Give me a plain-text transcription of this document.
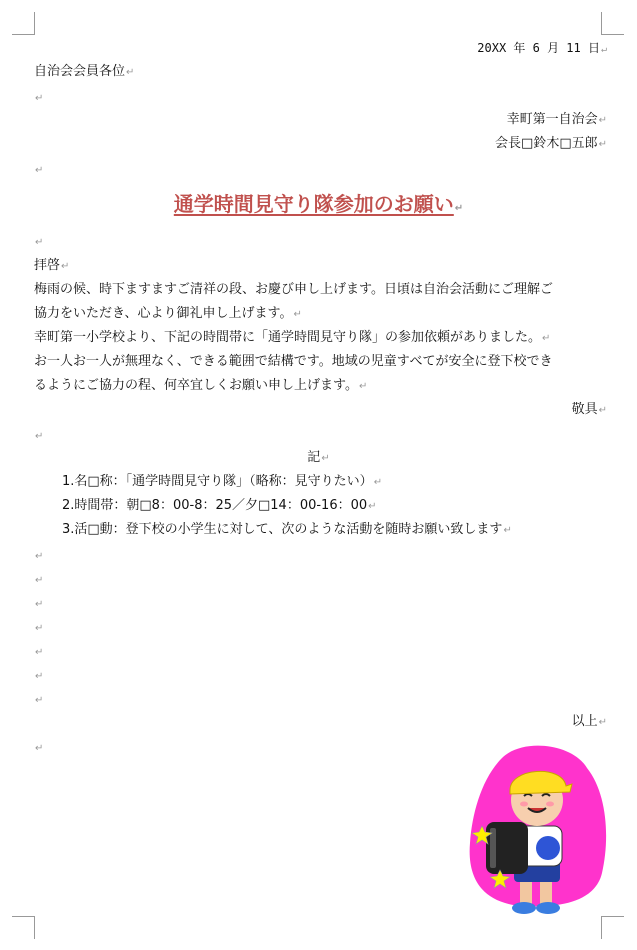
20XX 年 6 月 11 日↵
自治会会員各位↵
↵
幸町第一自治会↵
会長□鈴木□五郎↵
↵
通学時間見守り隊参加のお願い↵
↵
拝啓↵
梅雨の候、時下ますますご清祥の段、お慶び申し上げます。日頃は自治会活動にご理解ご
協力をいただき、心より御礼申し上げます。↵
幸町第一小学校より、下記の時間帯に「通学時間見守り隊」の参加依頼がありました。↵
お一人お一人が無理なく、できる範囲で結構です。地域の児童すべてが安全に登下校でき
るようにご協力の程、何卒宜しくお願い申し上げます。↵
敬具↵
↵
記↵
1.名□称：「通学時間見守り隊」（略称：見守りたい）↵
2.時間帯：朝□8：00-8：25／夕□14：00-16：00↵
3.活□動：登下校の小学生に対して、次のような活動を随時お願い致します↵
↵
↵
↵
↵
↵
↵
↵
以上↵
↵
